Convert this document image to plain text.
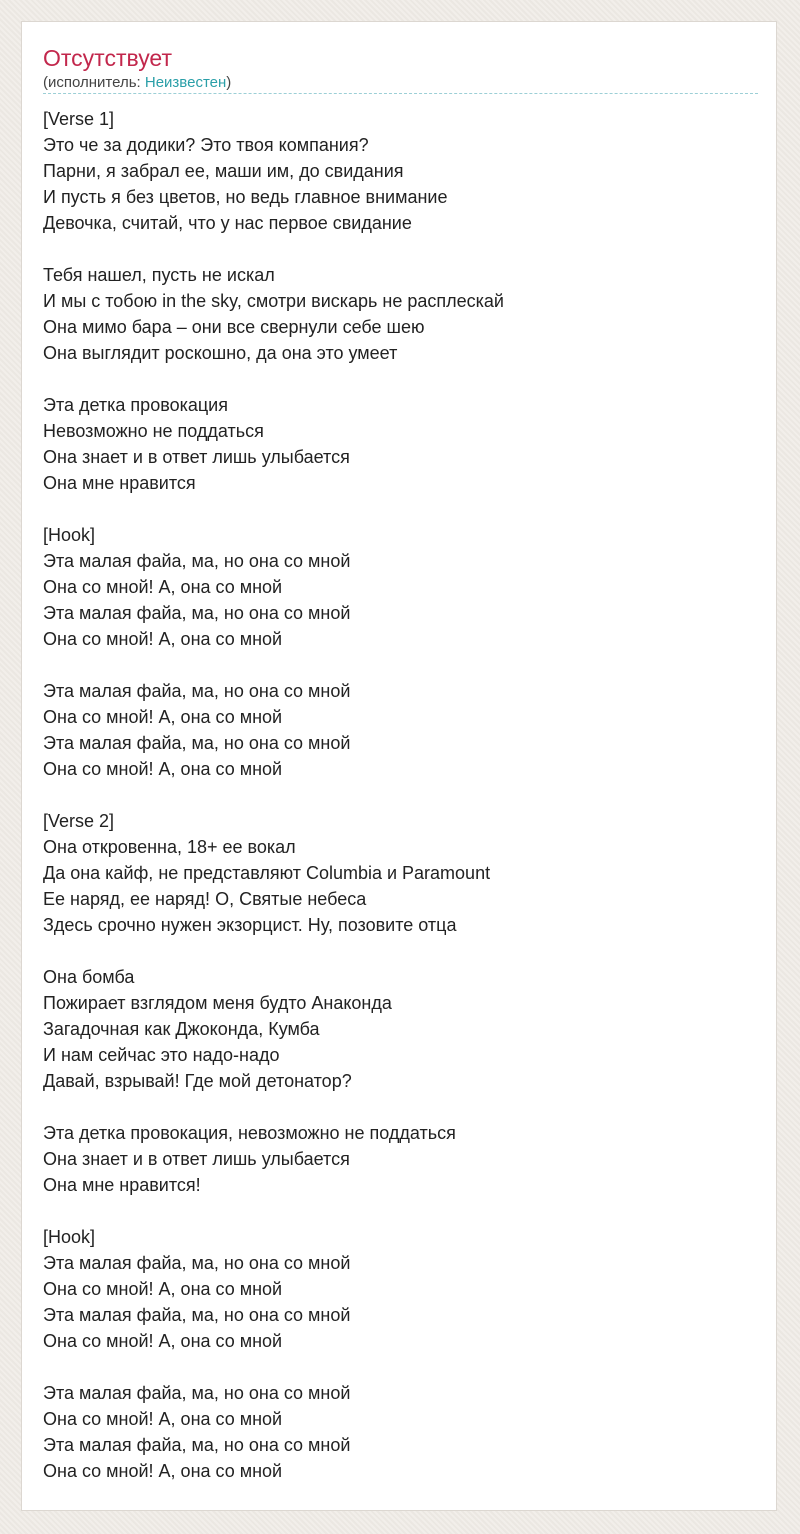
Отсутствует
(исполнитель: Неизвестен)
[Verse 1]
Это че за додики? Это твоя компания?
Парни, я забрал ее, маши им, до свидания
И пусть я без цветов, но ведь главное внимание
Девочка, считай, что у нас первое свидание
Тебя нашел, пусть не искал
И мы с тобою in the sky, смотри вискарь не расплескай
Она мимо бара – они все свернули себе шею
Она выглядит роскошно, да она это умеет
Эта детка провокация
Невозможно не поддаться
Она знает и в ответ лишь улыбается
Она мне нравится
[Hook]
Эта малая файа, ма, но она со мной
Она со мной! А, она со мной
Эта малая файа, ма, но она со мной
Она со мной! А, она со мной
Эта малая файа, ма, но она со мной
Она со мной! А, она со мной
Эта малая файа, ма, но она со мной
Она со мной! А, она со мной
[Verse 2]
Она откровенна, 18+ ее вокал
Да она кайф, не представляют Columbia и Paramount
Ее наряд, ее наряд! О, Святые небеса
Здесь срочно нужен экзорцист. Ну, позовите отца
Она бомба
Пожирает взглядом меня будто Анаконда
Загадочная как Джоконда, Кумба
И нам сейчас это надо-надо
Давай, взрывай! Где мой детонатор?
Эта детка провокация, невозможно не поддаться
Она знает и в ответ лишь улыбается
Она мне нравится!
[Hook]
Эта малая файа, ма, но она со мной
Она со мной! А, она со мной
Эта малая файа, ма, но она со мной
Она со мной! А, она со мной
Эта малая файа, ма, но она со мной
Она со мной! А, она со мной
Эта малая файа, ма, но она со мной
Она со мной! А, она со мной
